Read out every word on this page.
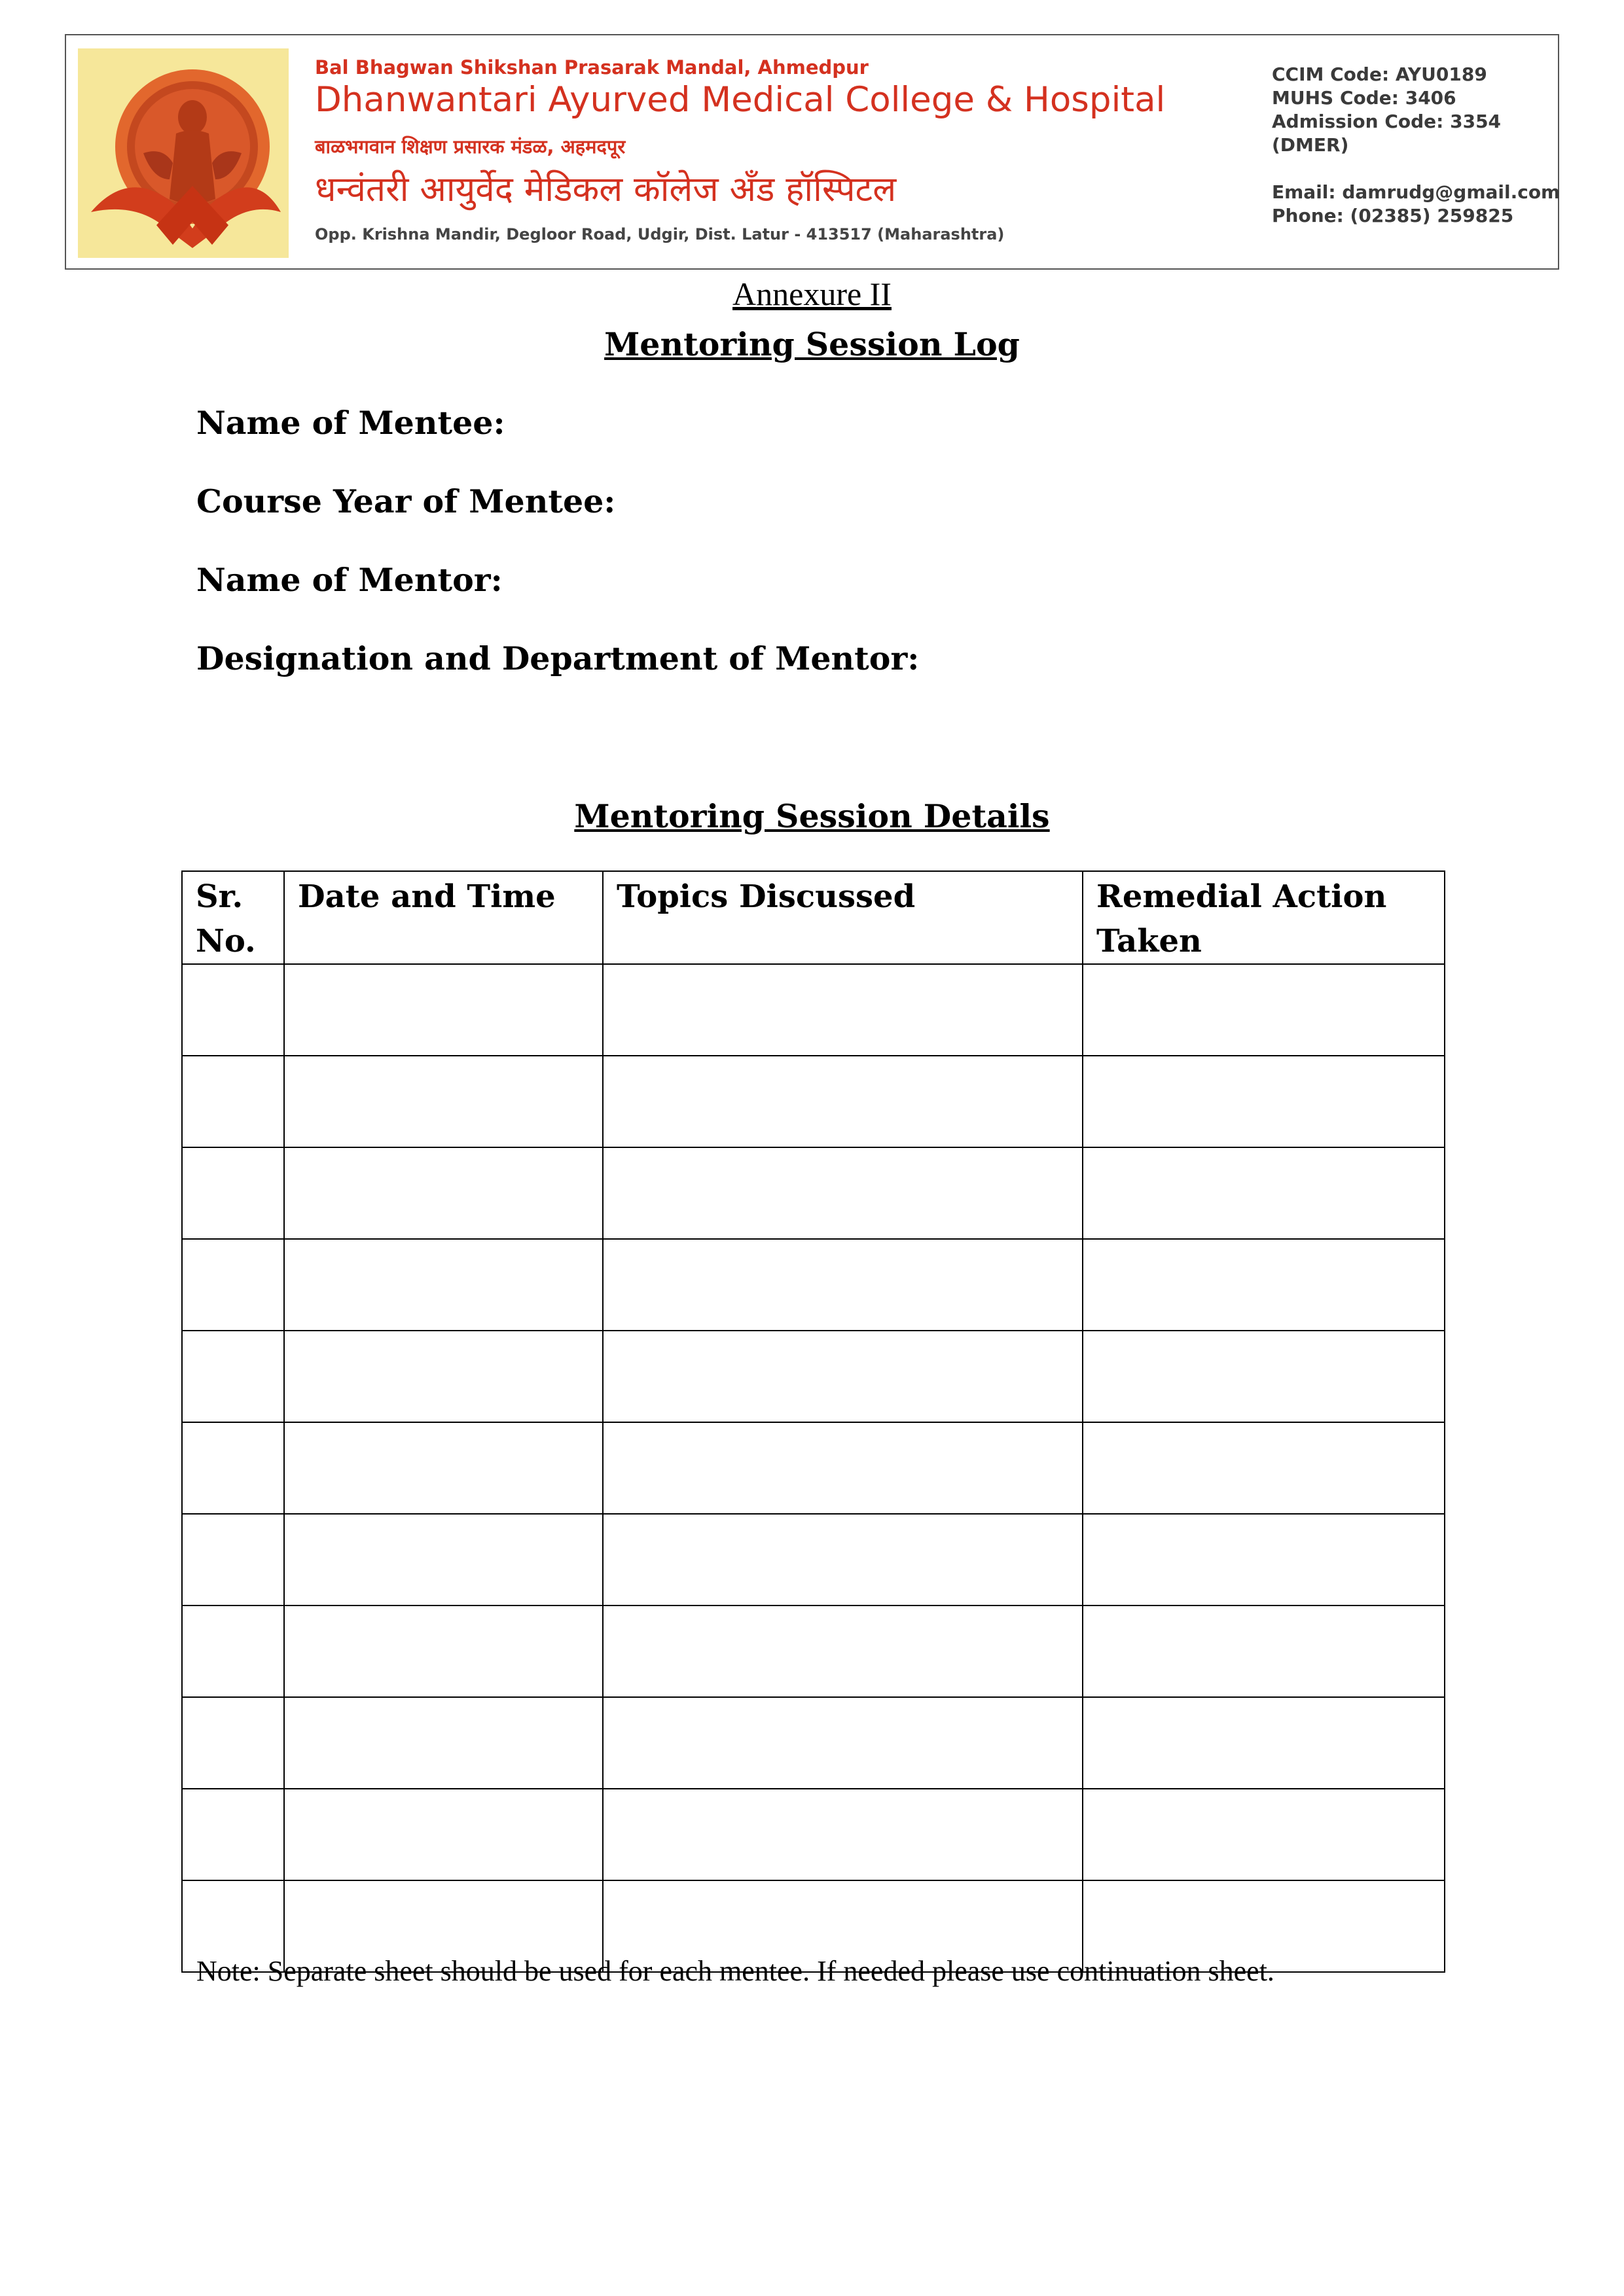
Bal Bhagwan Shikshan Prasarak Mandal, Ahmedpur
Dhanwantari Ayurved Medical College & Hospital
बाळभगवान शिक्षण प्रसारक मंडळ, अहमदपूर
धन्वंतरी आयुर्वेद मेडिकल कॉलेज अँड हॉस्पिटल
Opp. Krishna Mandir, Degloor Road, Udgir, Dist. Latur - 413517 (Maharashtra)
CCIM Code: AYU0189
MUHS Code: 3406
Admission Code: 3354
(DMER)
Email: damrudg@gmail.com
Phone: (02385) 259825
Annexure II
Mentoring Session Log
Name of Mentee:
Course Year of Mentee:
Name of Mentor:
Designation and Department of Mentor:
Mentoring Session Details
Sr. No.	Date and Time	Topics Discussed	Remedial Action Taken

Note: Separate sheet should be used for each mentee. If needed please use continuation sheet.
